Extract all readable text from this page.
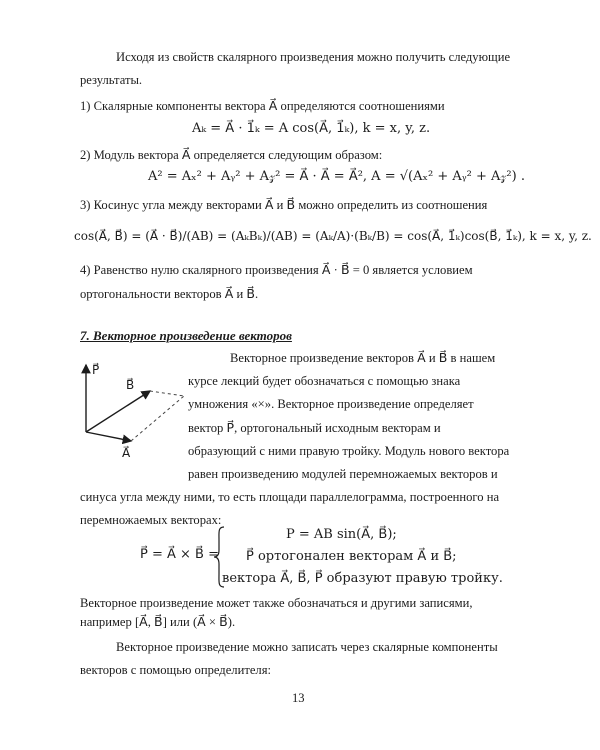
Исходя из свойств скалярного произведения можно получить следующие
результаты.
1) Скалярные компоненты вектора A⃗ определяются соотношениями
Aₖ = A⃗ · 1⃗ₖ = A cos(A⃗, 1⃗ₖ), k = x, y, z.
2) Модуль вектора A⃗ определяется следующим образом:
A² = Aₓ² + Aᵧ² + A𝓏² = A⃗ · A⃗ = A⃗², A = √(Aₓ² + Aᵧ² + A𝓏²) .
3) Косинус угла между векторами A⃗ и B⃗ можно определить из соотношения
cos(A⃗, B⃗) = (A⃗ · B⃗)/(AB) = (AₖBₖ)/(AB) = (Aₖ/A)·(Bₖ/B) = cos(A⃗, 1⃗ₖ)cos(B⃗, 1⃗ₖ), k = x, y, z.
4) Равенство нулю скалярного произведения A⃗ · B⃗ = 0 является условием
ортогональности векторов A⃗ и B⃗.
7. Векторное произведение векторов
P⃗
B⃗
A⃗
Векторное произведение векторов A⃗ и B⃗ в нашем
курсе лекций будет обозначаться с помощью знака
умножения «×». Векторное произведение определяет
вектор P⃗, ортогональный исходным векторам и
образующий с ними правую тройку. Модуль нового вектора
равен произведению модулей перемножаемых векторов и
синуса угла между ними, то есть площади параллелограмма, построенного на
перемножаемых векторах:
P⃗ = A⃗ × B⃗ =
P = AB sin(A⃗, B⃗);
P⃗ ортогонален векторам A⃗ и B⃗;
вектора A⃗, B⃗, P⃗ образуют правую тройку.
Векторное произведение может также обозначаться и другими записями,
например [A⃗, B⃗] или (A⃗ × B⃗).
Векторное произведение можно записать через скалярные компоненты
векторов с помощью определителя:
13
